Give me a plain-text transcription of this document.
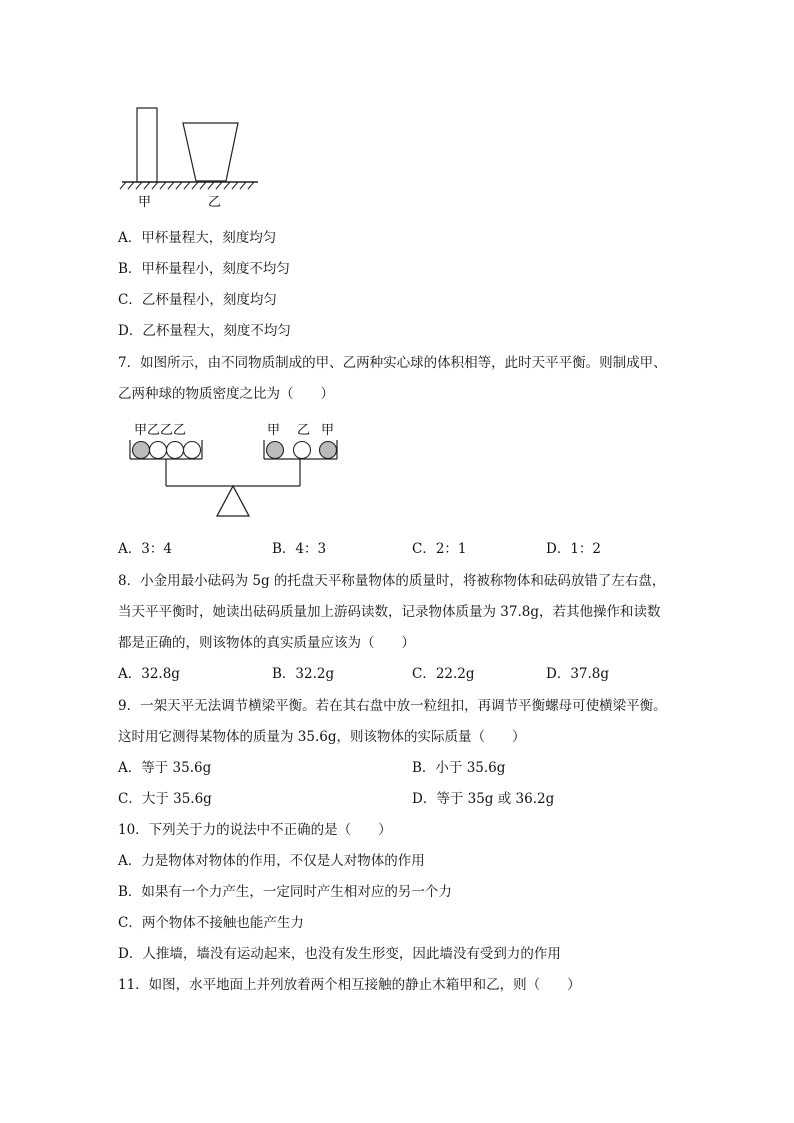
甲	乙
A．甲杯量程大，刻度均匀
B．甲杯量程小，刻度不均匀
C．乙杯量程小，刻度均匀
D．乙杯量程大，刻度不均匀
7．如图所示，由不同物质制成的甲、乙两种实心球的体积相等，此时天平平衡。则制成甲、
乙两种球的物质密度之比为（　　）
甲乙乙乙	甲 乙 甲
A．3：4	B．4：3	C．2：1	D．1：2
8．小金用最小砝码为 5g 的托盘天平称量物体的质量时，将被称物体和砝码放错了左右盘，
当天平平衡时，她读出砝码质量加上游码读数，记录物体质量为 37.8g，若其他操作和读数
都是正确的，则该物体的真实质量应该为（　　）
A．32.8g	B．32.2g	C．22.2g	D．37.8g
9．一架天平无法调节横梁平衡。若在其右盘中放一粒纽扣，再调节平衡螺母可使横梁平衡。
这时用它测得某物体的质量为 35.6g，则该物体的实际质量（　　）
A．等于 35.6g	B．小于 35.6g
C．大于 35.6g	D．等于 35g 或 36.2g
10．下列关于力的说法中不正确的是（　　）
A．力是物体对物体的作用，不仅是人对物体的作用
B．如果有一个力产生，一定同时产生相对应的另一个力
C．两个物体不接触也能产生力
D．人推墙，墙没有运动起来，也没有发生形变，因此墙没有受到力的作用
11．如图，水平地面上并列放着两个相互接触的静止木箱甲和乙，则（　　）
